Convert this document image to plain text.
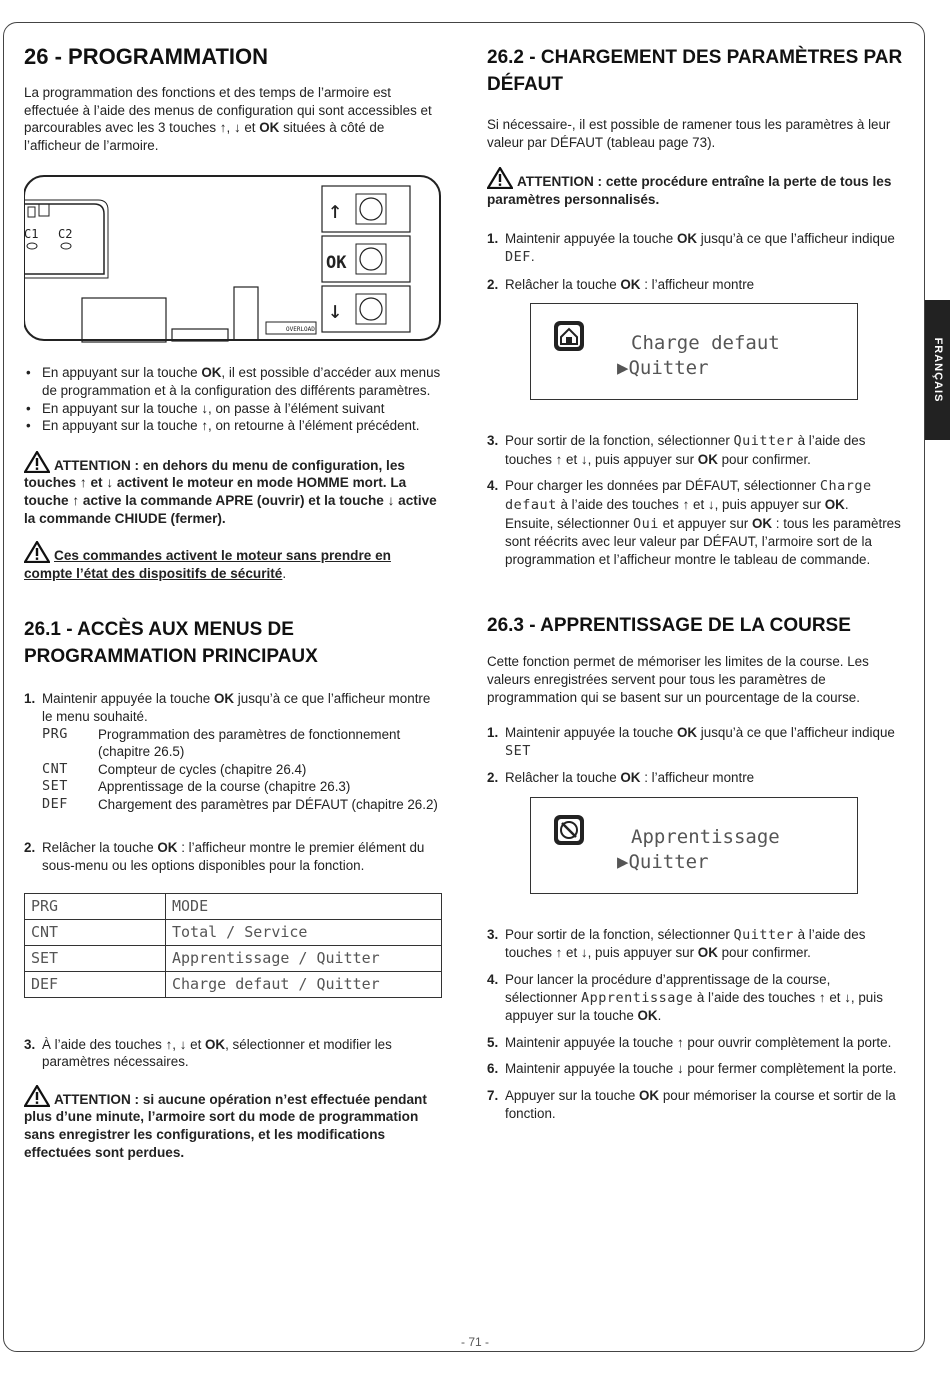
FRANÇAIS
26 - PROGRAMMATION

La programmation des fonctions et des temps de l’armoire est effectuée à l’aide des menus de configuration qui sont accessibles et parcourables avec les 3 touches ↑, ↓ et OK situées à côté de l’afficheur de l’armoire.

C1 C2
OVERLOAD
↑
OK
↓
• En appuyant sur la touche OK, il est possible d’accéder aux menus de programmation et à la configuration des différents paramètres.
• En appuyant sur la touche ↓, on passe à l’élément suivant
• En appuyant sur la touche ↑, on retourne à l’élément précédent.

ATTENTION : en dehors du menu de configuration, les touches ↑ et ↓ activent le moteur en mode HOMME mort. La touche ↑ active la commande APRE (ouvrir) et la touche ↓ active la commande CHIUDE (fermer).

Ces commandes activent le moteur sans prendre en compte l’état des dispositifs de sécurité.

26.1 - ACCÈS AUX MENUS DE PROGRAMMATION PRINCIPAUX
1. Maintenir appuyée la touche OK jusqu’à ce que l’afficheur montre le menu souhaité.
PRG	Programmation des paramètres de fonctionnement (chapitre 26.5)
CNT	Compteur de cycles (chapitre 26.4)
SET	Apprentissage de la course (chapitre 26.3)
DEF	Chargement des paramètres par DÉFAUT (chapitre 26.2)
2. Relâcher la touche OK : l’afficheur montre le premier élément du sous-menu ou les options disponibles pour la fonction.
PRG	MODE
CNT	Total / Service
SET	Apprentissage / Quitter
DEF	Charge defaut / Quitter
3. À l’aide des touches ↑, ↓ et OK, sélectionner et modifier les paramètres nécessaires.

ATTENTION : si aucune opération n’est effectuée pendant plus d’une minute, l’armoire sort du mode de programmation sans enregistrer les configurations, et les modifications effectuées sont perdues.

26.2 - CHARGEMENT DES PARAMÈTRES PAR DÉFAUT

Si nécessaire-, il est possible de ramener tous les paramètres à leur valeur par DÉFAUT (tableau page 73).

ATTENTION : cette procédure entraîne la perte de tous les paramètres personnalisés.

1. Maintenir appuyée la touche OK jusqu’à ce que l’afficheur indique DEF.
2. Relâcher la touche OK : l’afficheur montre
Charge defaut
▶Quitter
3. Pour sortir de la fonction, sélectionner Quitter à l’aide des touches ↑ et ↓, puis appuyer sur OK pour confirmer.
4. Pour charger les données par DÉFAUT, sélectionner Charge defaut à l’aide des touches ↑ et ↓, puis appuyer sur OK.
Ensuite, sélectionner Oui et appuyer sur OK : tous les paramètres sont réécrits avec leur valeur par DÉFAUT, l’armoire sort de la programmation et l’afficheur montre le tableau de commande.
26.3 - APPRENTISSAGE DE LA COURSE

Cette fonction permet de mémoriser les limites de la course. Les valeurs enregistrées servent pour tous les paramètres de programmation qui se basent sur un pourcentage de la course.

1. Maintenir appuyée la touche OK jusqu’à ce que l’afficheur indique SET
2. Relâcher la touche OK : l’afficheur montre
Apprentissage
▶Quitter
3. Pour sortir de la fonction, sélectionner Quitter à l’aide des touches ↑ et ↓, puis appuyer sur OK pour confirmer.
4. Pour lancer la procédure d’apprentissage de la course, sélectionner Apprentissage à l’aide des touches ↑ et ↓, puis appuyer sur la touche OK.
5. Maintenir appuyée la touche ↑ pour ouvrir complètement la porte.
6. Maintenir appuyée la touche ↓ pour fermer complètement la porte.
7. Appuyer sur la touche OK pour mémoriser la course et sortir de la fonction.
- 71 -
